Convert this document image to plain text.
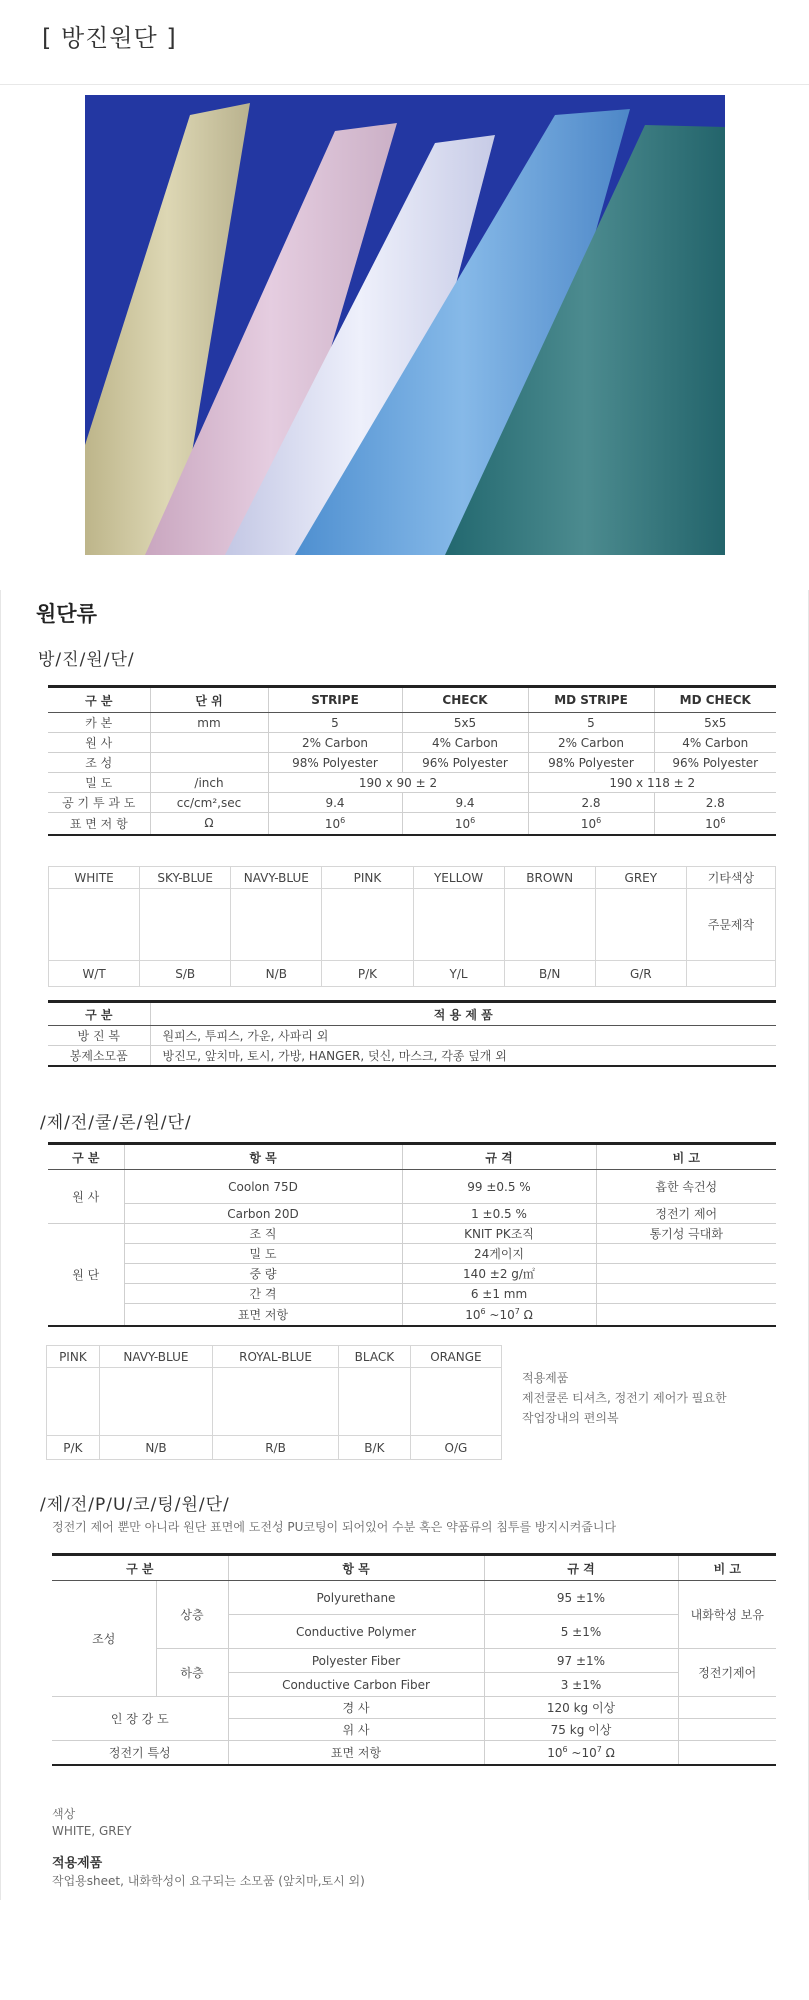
[ 방진원단 ]
원단류
방/진/원/단/
구 분	단 위	STRIPE	CHECK	MD STRIPE	MD CHECK
카 본	mm	5	5x5	5	5x5
원 사		2% Carbon	4% Carbon	2% Carbon	4% Carbon
조 성		98% Polyester	96% Polyester	98% Polyester	96% Polyester
밀 도	/inch	190 x 90 ± 2		190 x 118 ± 2	
공 기 투 과 도	cc/cm²,sec	9.4	9.4	2.8	2.8
표 면 저 항	Ω	$10^6$	$10^6$	$10^6$	$10^6$
WHITE	SKY-BLUE	NAVY-BLUE	PINK	YELLOW	BROWN	GREY	기타색상

	주문제작
W/T	S/B	N/B	P/K	Y/L	B/N	G/R	
구 분	적 용 제 품
방 진 복	원피스, 투피스, 가운, 사파리 외
봉제소모품	방진모, 앞치마, 토시, 가방, HANGER, 덧신, 마스크, 각종 덮개 외
/제/전/쿨/론/원/단/
구 분	항 목	규 격	비 고
원 사	Coolon 75D	99 ±0.5 %	흡한 속건성
	Carbon 20D	1 ±0.5 %	정전기 제어
원 단	조 직	KNIT PK조직	통기성 극대화
	밀 도	24게이지	
	중 량	140 ±2 g/㎡	
	간 격	6 ±1 mm	
	표면 저항	$10^6$ $\sim 10^7$ Ω	
PINK	NAVY-BLUE	ROYAL-BLUE	BLACK	ORANGE

P/K	N/B	R/B	B/K	O/G
적용제품
제전쿨론 티셔츠, 정전기 제어가 필요한
작업장내의 편의복
/제/전/P/U/코/팅/원/단/
정전기 제어 뿐만 아니라 원단 표면에 도전성 PU코팅이 되어있어 수분 혹은 약품류의 침투를 방지시켜줍니다
구 분		항 목	규 격	비 고
조성	상층	Polyurethane	95 ±1%	내화학성 보유
		Conductive Polymer	5 ±1%	
	하층	Polyester Fiber	97 ±1%	정전기제어
		Conductive Carbon Fiber	3 ±1%	
인 장 강 도		경 사	120 kg 이상	
		위 사	75 kg 이상	
정전기 특성		표면 저항	$10^6$ $\sim 10^7$ Ω	
색상
WHITE, GREY
적용제품
작업용sheet, 내화학성이 요구되는 소모품 (앞치마,토시 외)
